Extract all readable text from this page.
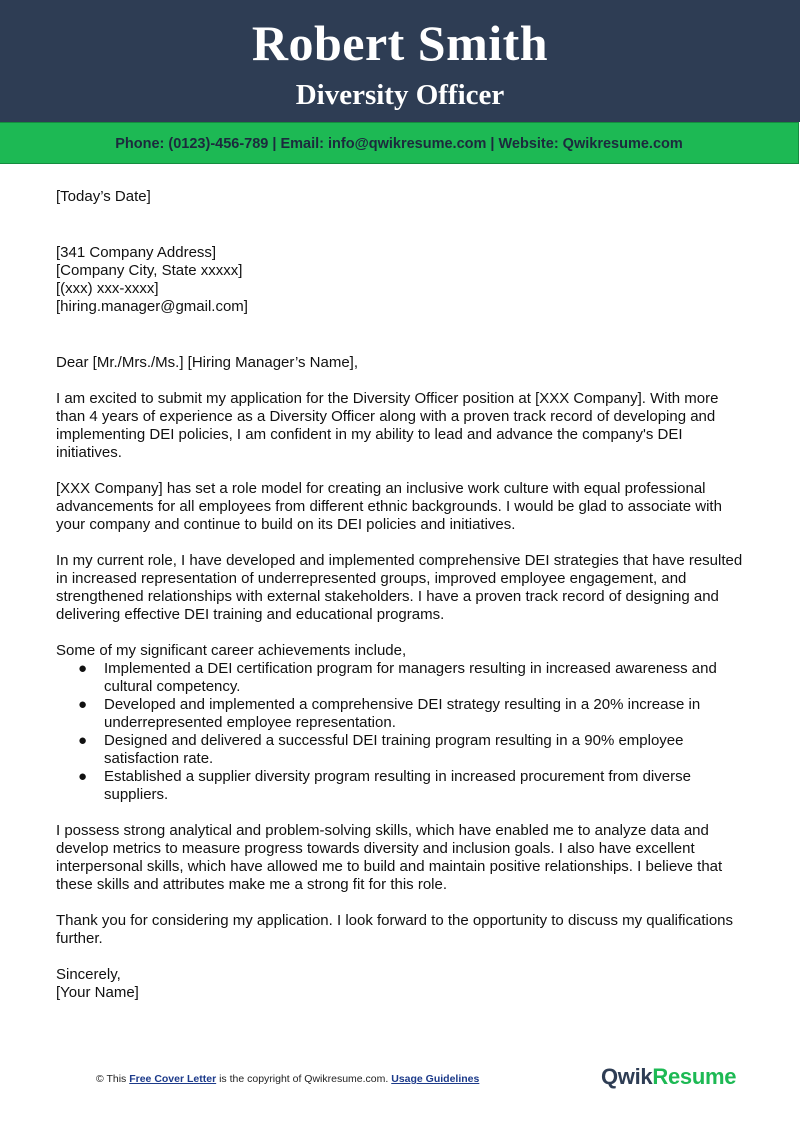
Robert Smith
Diversity Officer
Phone: (0123)-456-789 | Email: info@qwikresume.com | Website: Qwikresume.com

[Today’s Date]

[341 Company Address]

[Company City, State xxxxx]

[(xxx) xxx-xxxx]

[hiring.manager@gmail.com]

Dear [Mr./Mrs./Ms.] [Hiring Manager’s Name],

I am excited to submit my application for the Diversity Officer position at [XXX Company]. With more than 4 years of experience as a Diversity Officer along with a proven track record of developing and implementing DEI policies, I am confident in my ability to lead and advance the company's DEI initiatives.

[XXX Company] has set a role model for creating an inclusive work culture with equal professional advancements for all employees from different ethnic backgrounds. I would be glad to associate with your company and continue to build on its DEI policies and initiatives.

In my current role, I have developed and implemented comprehensive DEI strategies that have resulted in increased representation of underrepresented groups, improved employee engagement, and strengthened relationships with external stakeholders. I have a proven track record of designing and delivering effective DEI training and educational programs.

Some of my significant career achievements include,

● Implemented a DEI certification program for managers resulting in increased awareness and cultural competency.
● Developed and implemented a comprehensive DEI strategy resulting in a 20% increase in underrepresented employee representation.
● Designed and delivered a successful DEI training program resulting in a 90% employee satisfaction rate.
● Established a supplier diversity program resulting in increased procurement from diverse suppliers.

I possess strong analytical and problem-solving skills, which have enabled me to analyze data and develop metrics to measure progress towards diversity and inclusion goals. I also have excellent interpersonal skills, which have allowed me to build and maintain positive relationships. I believe that these skills and attributes make me a strong fit for this role.

Thank you for considering my application. I look forward to the opportunity to discuss my qualifications further.

Sincerely,

[Your Name]

© This Free Cover Letter is the copyright of Qwikresume.com. Usage Guidelines	QwikResume
